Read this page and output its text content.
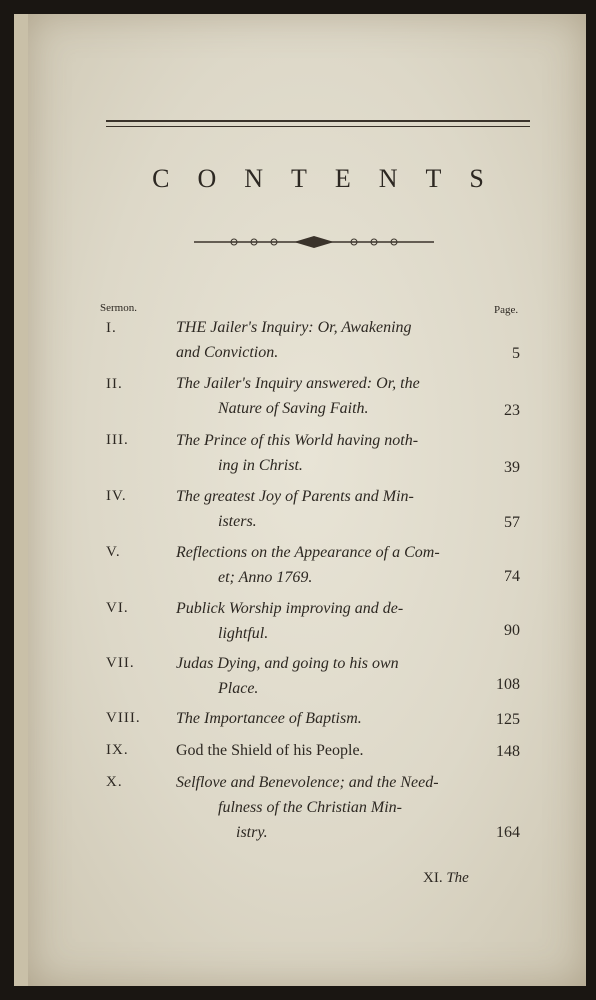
CONTENTS
Sermon.	Page.
I.	THE Jailer's Inquiry: Or, Awakening
and Conviction.	5
II.	The Jailer's Inquiry answered: Or, the
Nature of Saving Faith.	23
III.	The Prince of this World having noth-
ing in Christ.	39
IV.	The greatest Joy of Parents and Min-
isters.	57
V.	Reflections on the Appearance of a Com-
et; Anno 1769.	74
VI.	Publick Worship improving and de-
lightful.	90
VII.	Judas Dying, and going to his own
Place.	108
VIII. The Importancee of Baptism.	125
IX.	God the Shield of his People.	148
X.	Selflove and Benevolence; and the Need-
fulness of the Christian Min-
istry.	164
XI. The
